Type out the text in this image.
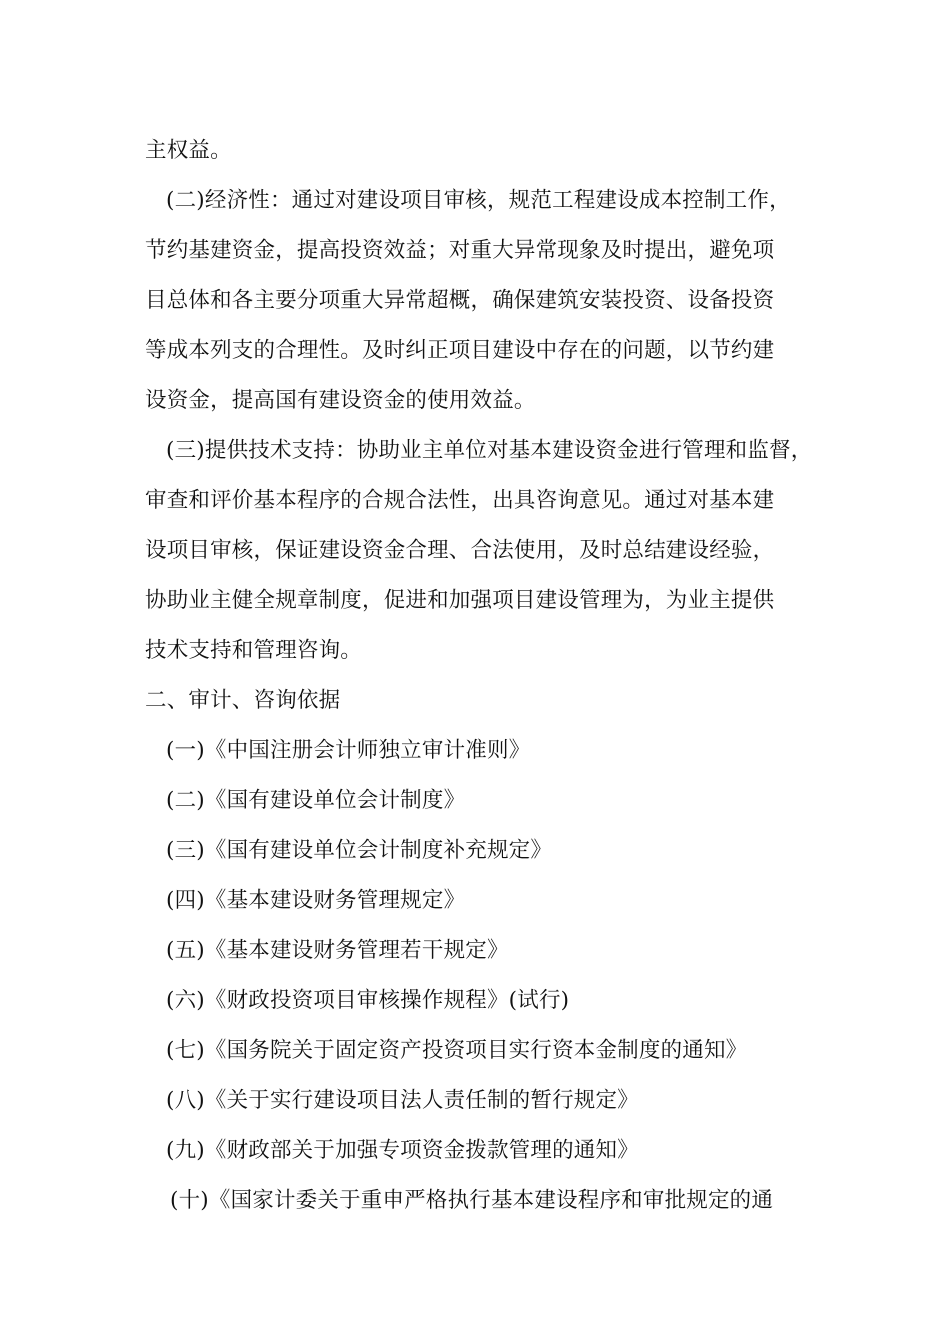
主权益。
(二)经济性：通过对建设项目审核，规范工程建设成本控制工作，
节约基建资金，提高投资效益；对重大异常现象及时提出，避免项
目总体和各主要分项重大异常超概，确保建筑安装投资、设备投资
等成本列支的合理性。及时纠正项目建设中存在的问题，以节约建
设资金，提高国有建设资金的使用效益。
(三)提供技术支持：协助业主单位对基本建设资金进行管理和监督，
审查和评价基本程序的合规合法性，出具咨询意见。通过对基本建
设项目审核，保证建设资金合理、合法使用，及时总结建设经验，
协助业主健全规章制度，促进和加强项目建设管理为，为业主提供
技术支持和管理咨询。
二、审计、咨询依据
(一)《中国注册会计师独立审计准则》
(二)《国有建设单位会计制度》
(三)《国有建设单位会计制度补充规定》
(四)《基本建设财务管理规定》
(五)《基本建设财务管理若干规定》
(六)《财政投资项目审核操作规程》(试行)
(七)《国务院关于固定资产投资项目实行资本金制度的通知》
(八)《关于实行建设项目法人责任制的暂行规定》
(九)《财政部关于加强专项资金拨款管理的通知》
(十)《国家计委关于重申严格执行基本建设程序和审批规定的通
